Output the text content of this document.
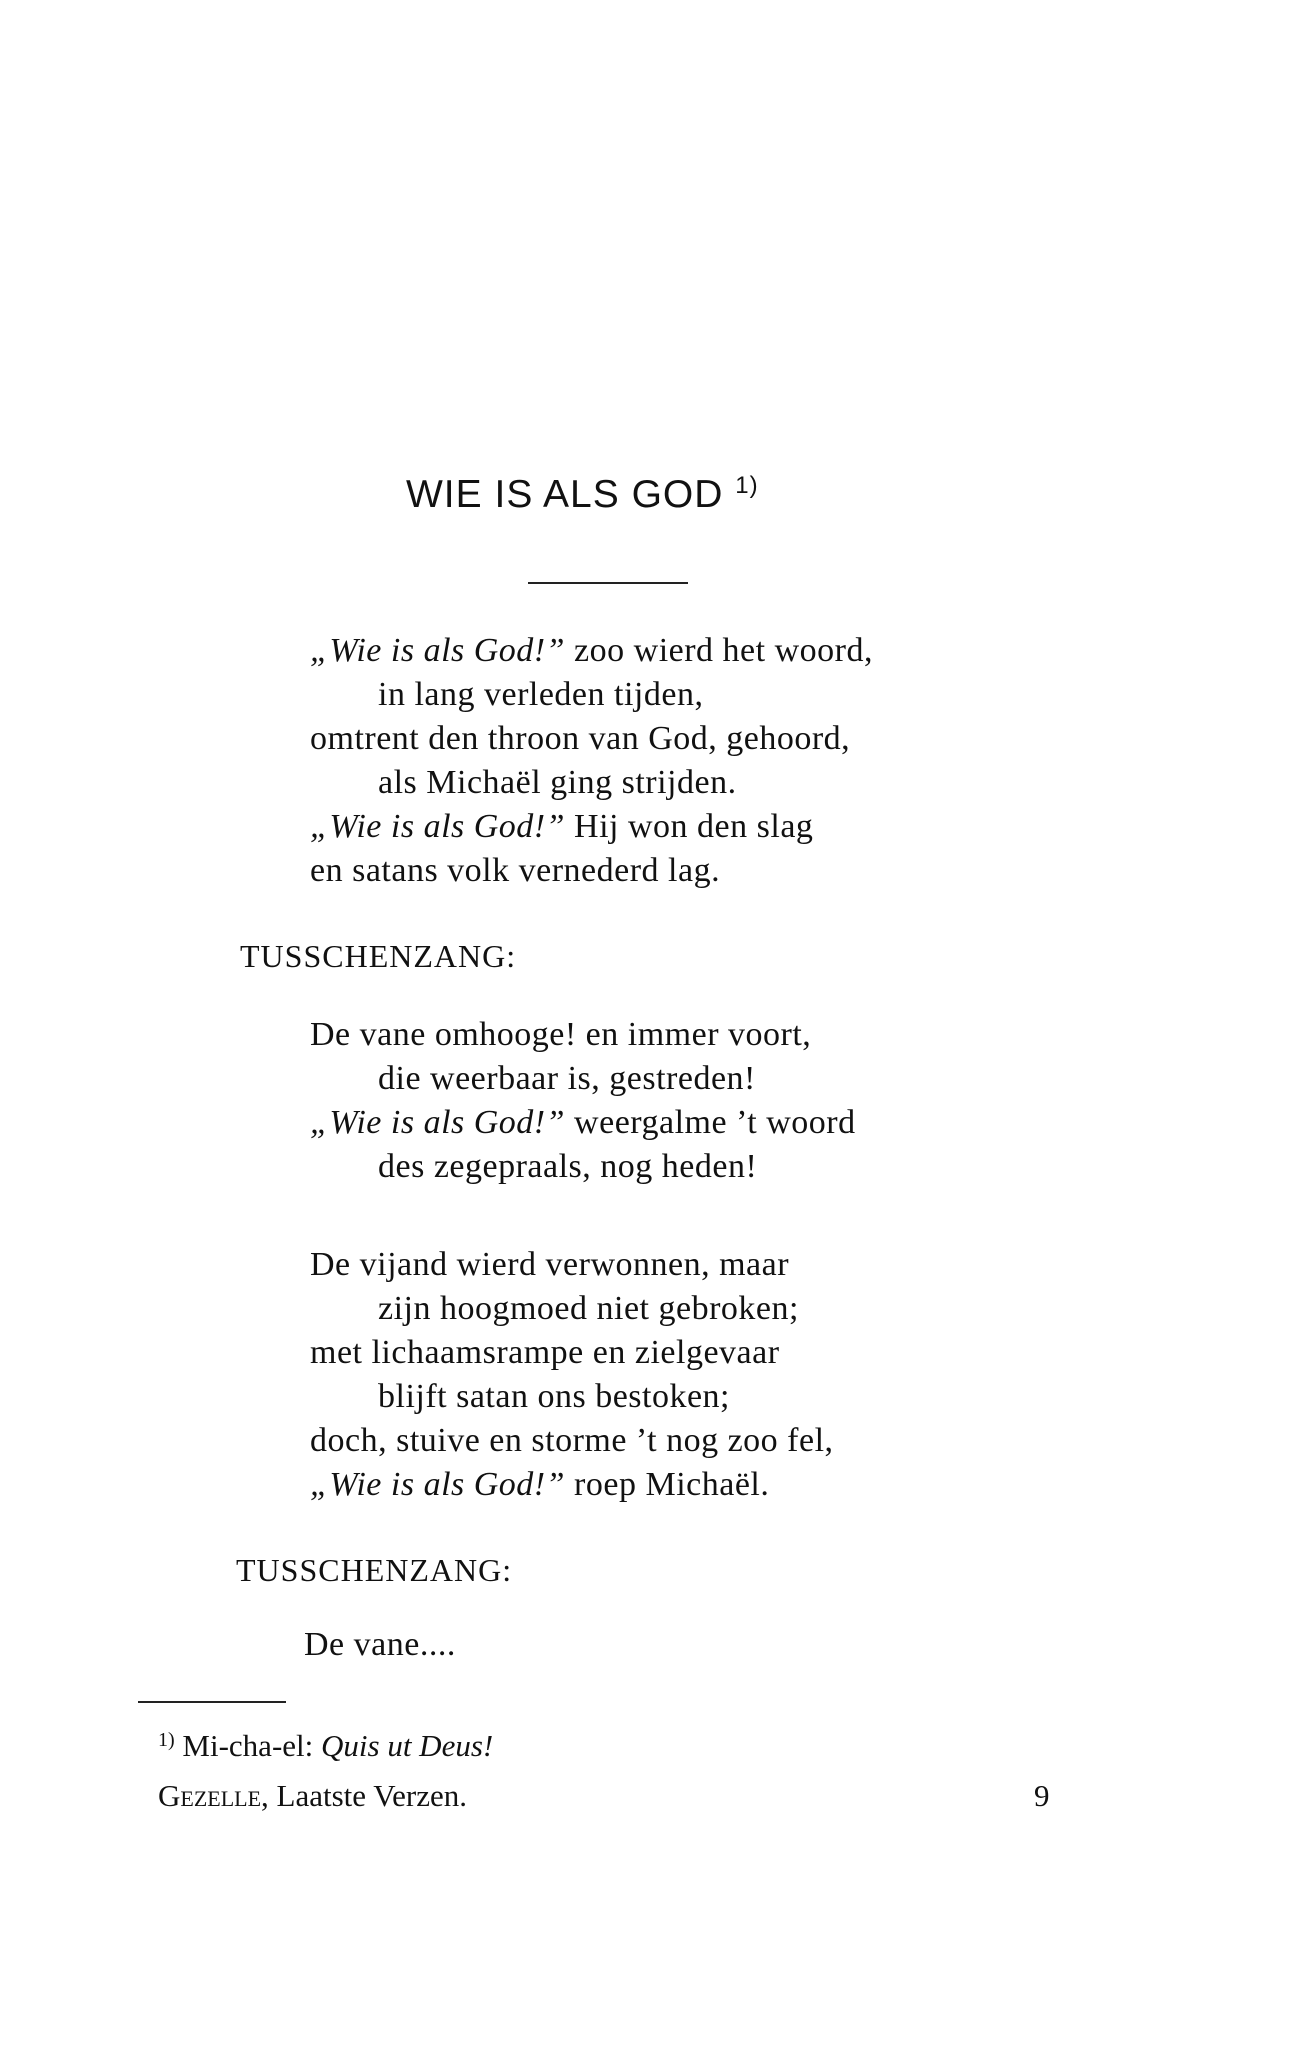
WIE IS ALS GOD $^{1)}$
„Wie is als God!” zoo wierd het woord,
in lang verleden tijden,
omtrent den throon van God, gehoord,
als Michaël ging strijden.
„Wie is als God!” Hij won den slag
en satans volk vernederd lag.
TUSSCHENZANG:
De vane omhooge! en immer voort,
die weerbaar is, gestreden!
„Wie is als God!” weergalme ’t woord
des zegepraals, nog heden!
De vijand wierd verwonnen, maar
zijn hoogmoed niet gebroken;
met lichaamsrampe en zielgevaar
blijft satan ons bestoken;
doch, stuive en storme ’t nog zoo fel,
„Wie is als God!” roep Michaël.
TUSSCHENZANG:
De vane....
$^{1)}$ Mi-cha-el: Quis ut Deus!
Gezelle, Laatste Verzen.	9
